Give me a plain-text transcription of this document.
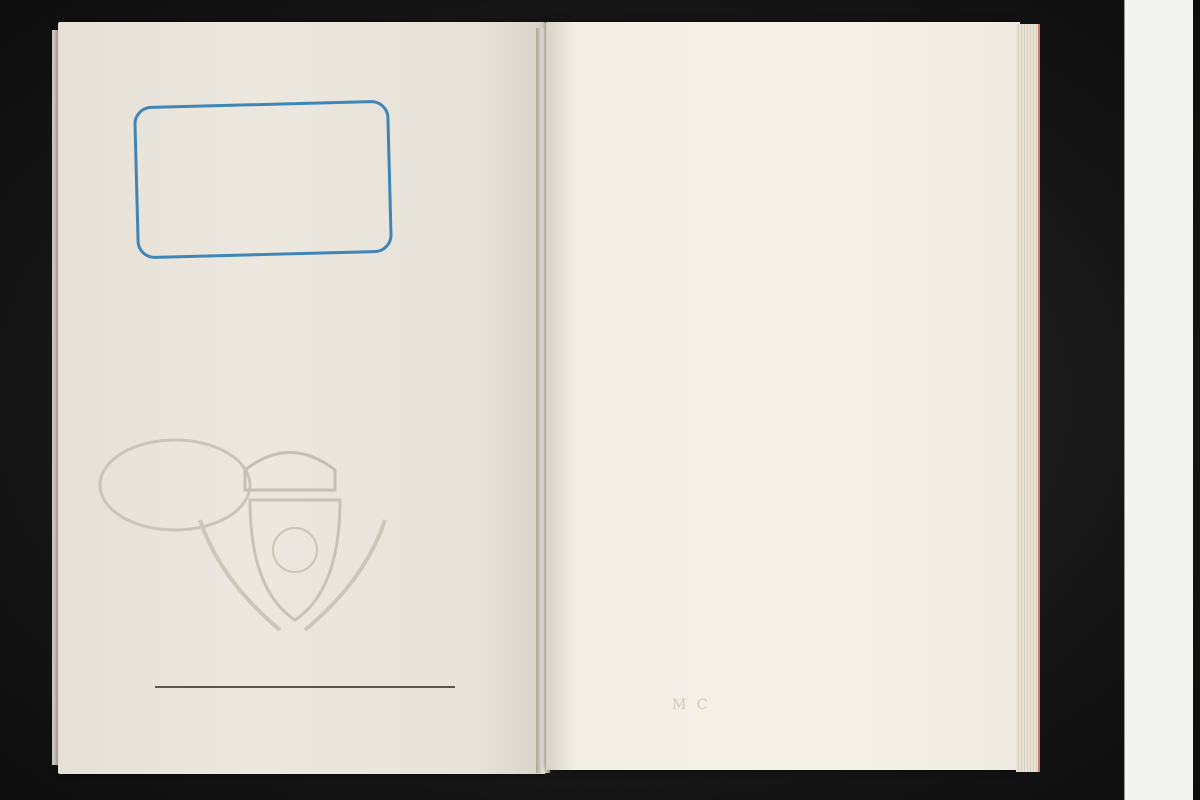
M C
